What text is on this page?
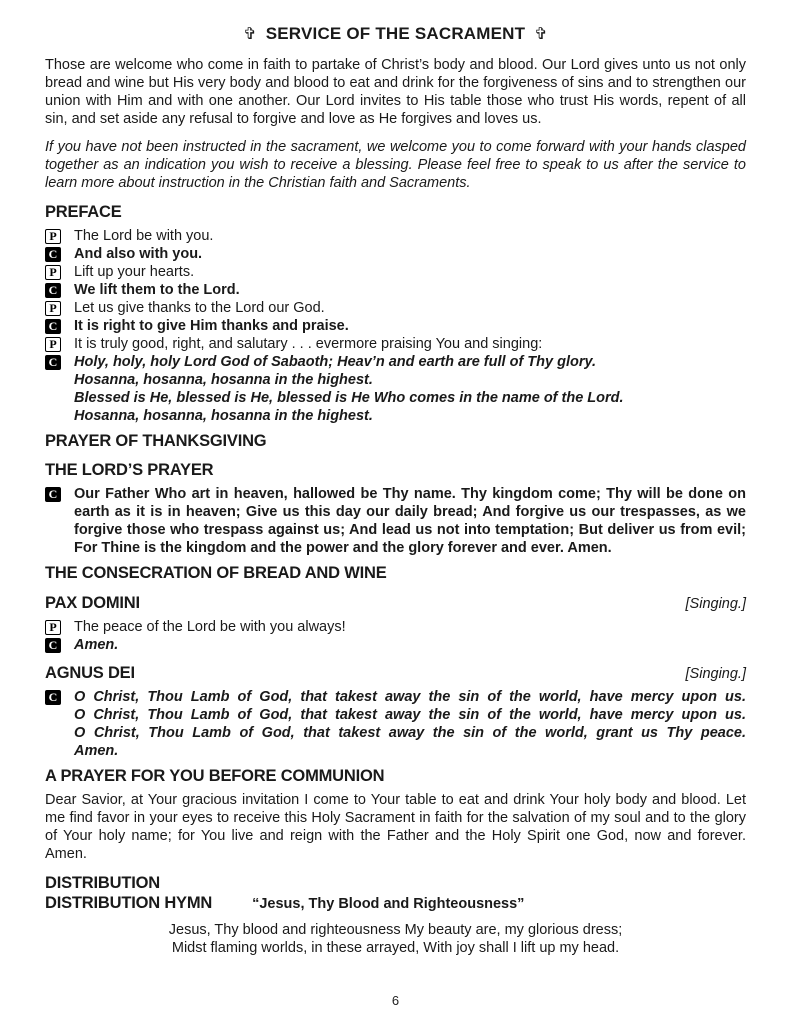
✞ SERVICE OF THE SACRAMENT ✞

Those are welcome who come in faith to partake of Christ’s body and blood. Our Lord gives unto us not only bread and wine but His very body and blood to eat and drink for the forgiveness of sins and to strengthen our union with Him and with one another. Our Lord invites to His table those who trust His words, repent of all sin, and set aside any refusal to forgive and love as He forgives and loves us.

If you have not been instructed in the sacrament, we welcome you to come forward with your hands clasped together as an indication you wish to receive a blessing. Please feel free to speak to us after the service to learn more about instruction in the Christian faith and Sacraments.

PREFACE
P The Lord be with you.
C And also with you.
P Lift up your hearts.
C We lift them to the Lord.
P Let us give thanks to the Lord our God.
C It is right to give Him thanks and praise.
P It is truly good, right, and salutary . . . evermore praising You and singing:
C Holy, holy, holy Lord God of Sabaoth; Heav’n and earth are full of Thy glory.
Hosanna, hosanna, hosanna in the highest.
Blessed is He, blessed is He, blessed is He Who comes in the name of the Lord.
Hosanna, hosanna, hosanna in the highest.
PRAYER OF THANKSGIVING
THE LORD’S PRAYER
C Our Father Who art in heaven, hallowed be Thy name. Thy kingdom come; Thy will be done on earth as it is in heaven; Give us this day our daily bread; And forgive us our trespasses, as we forgive those who trespass against us; And lead us not into temptation; But deliver us from evil; For Thine is the kingdom and the power and the glory forever and ever. Amen.
THE CONSECRATION OF BREAD AND WINE
PAX DOMINI	[Singing.]
P The peace of the Lord be with you always!
C Amen.
AGNUS DEI	[Singing.]
C O Christ, Thou Lamb of God, that takest away the sin of the world, have mercy upon us.
O Christ, Thou Lamb of God, that takest away the sin of the world, have mercy upon us.
O Christ, Thou Lamb of God, that takest away the sin of the world, grant us Thy peace.
Amen.
A PRAYER FOR YOU BEFORE COMMUNION

Dear Savior, at Your gracious invitation I come to Your table to eat and drink Your holy body and blood. Let me find favor in your eyes to receive this Holy Sacrament in faith for the salvation of my soul and to the glory of Your holy name; for You live and reign with the Father and the Holy Spirit one God, now and forever. Amen.

DISTRIBUTION
DISTRIBUTION HYMN	“Jesus, Thy Blood and Righteousness”
Jesus, Thy blood and righteousness My beauty are, my glorious dress;
Midst flaming worlds, in these arrayed, With joy shall I lift up my head.
6
